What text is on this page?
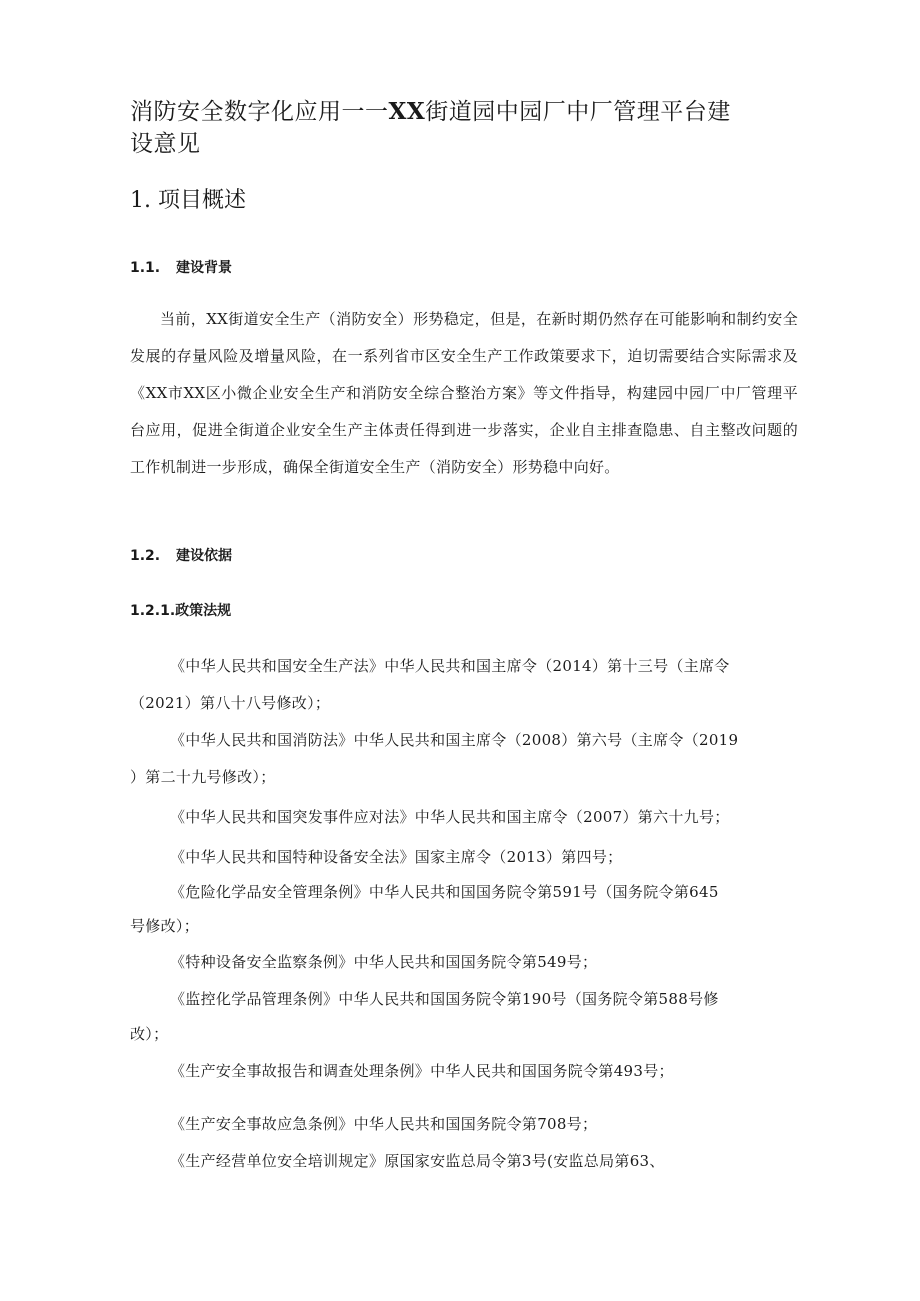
消防安全数字化应用一一XX街道园中园厂中厂管理平台建
设意见
1. 项目概述
1.1. 建设背景

当前，XX街道安全生产（消防安全）形势稳定，但是，在新时期仍然存在可能影响和制约安全发展的存量风险及增量风险，在一系列省市区安全生产工作政策要求下，迫切需要结合实际需求及《XX市XX区小微企业安全生产和消防安全综合整治方案》等文件指导，构建园中园厂中厂管理平台应用，促进全街道企业安全生产主体责任得到进一步落实，企业自主排查隐患、自主整改问题的工作机制进一步形成，确保全街道安全生产（消防安全）形势稳中向好。

1.2. 建设依据
1.2.1.政策法规
《中华人民共和国安全生产法》中华人民共和国主席令（2014）第十三号（主席令
（2021）第八十八号修改）；
《中华人民共和国消防法》中华人民共和国主席令（2008）第六号（主席令（2019
）第二十九号修改）；
《中华人民共和国突发事件应对法》中华人民共和国主席令（2007）第六十九号；
《中华人民共和国特种设备安全法》国家主席令（2013）第四号；
《危险化学品安全管理条例》中华人民共和国国务院令第591号（国务院令第645
号修改）；
《特种设备安全监察条例》中华人民共和国国务院令第549号；
《监控化学品管理条例》中华人民共和国国务院令第190号（国务院令第588号修
改）；
《生产安全事故报告和调查处理条例》中华人民共和国国务院令第493号；
《生产安全事故应急条例》中华人民共和国国务院令第708号；
《生产经营单位安全培训规定》原国家安监总局令第3号(安监总局第63、
